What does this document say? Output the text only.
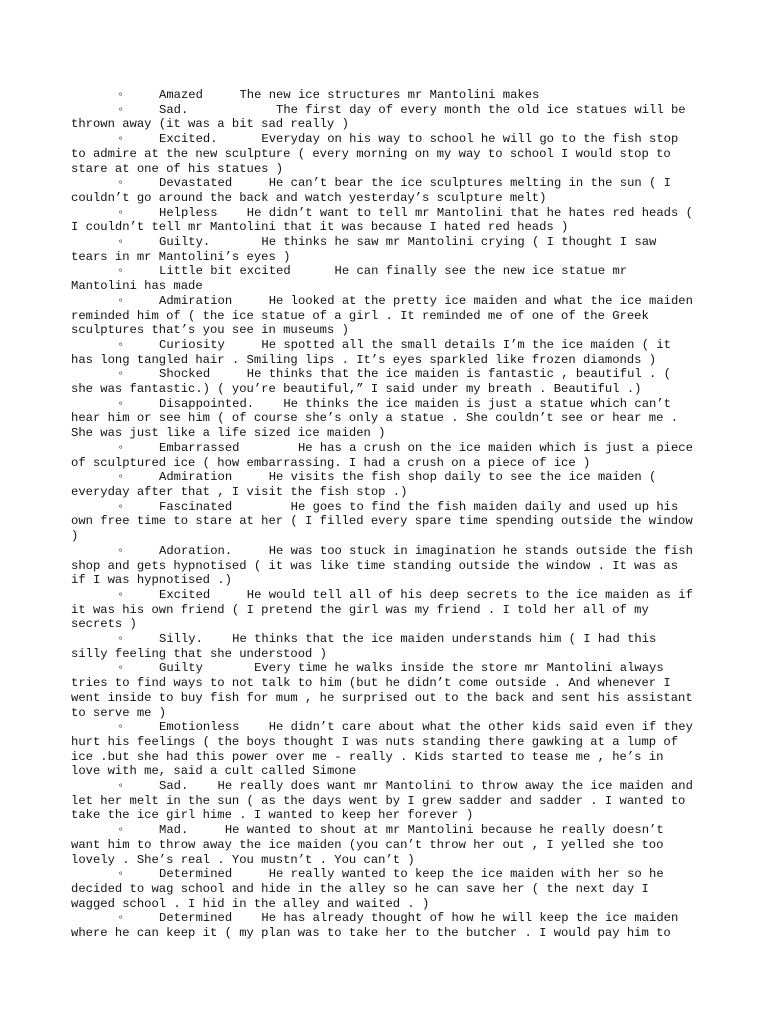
◦	Amazed	The new ice structures mr Mantolini makes

◦	Sad.	The first day of every month the old ice statues will be thrown away (it was a bit sad really )

◦	Excited.	Everyday on his way to school he will go to the fish stop to admire at the new sculpture ( every morning on my way to school I would stop to stare at one of his statues )

◦	Devastated	He can’t bear the ice sculptures melting in the sun ( I couldn’t go around the back and watch yesterday’s sculpture melt)

◦	Helpless He didn’t want to tell mr Mantolini that he hates red heads ( I couldn’t tell mr Mantolini that it was because I hated red heads )

◦	Guilty.	He thinks he saw mr Mantolini crying ( I thought I saw tears in mr Mantolini’s eyes )

◦	Little bit excited	He can finally see the new ice statue mr Mantolini has made

◦	Admiration	He looked at the pretty ice maiden and what the ice maiden reminded him of ( the ice statue of a girl . It reminded me of one of the Greek sculptures that’s you see in museums )

◦	Curiosity	He spotted all the small details I’m the ice maiden ( it has long tangled hair . Smiling lips . It’s eyes sparkled like frozen diamonds )

◦	Shocked	He thinks that the ice maiden is fantastic , beautiful . ( she was fantastic.) ( you’re beautiful,” I said under my breath . Beautiful .)

◦	Disappointed. He thinks the ice maiden is just a statue which can’t hear him or see him ( of course she’s only a statue . She couldn’t see or hear me . She was just like a life sized ice maiden )

◦	Embarrassed	He has a crush on the ice maiden which is just a piece of sculptured ice ( how embarrassing. I had a crush on a piece of ice )

◦	Admiration	He visits the fish shop daily to see the ice maiden ( everyday after that , I visit the fish stop .)

◦	Fascinated	He goes to find the fish maiden daily and used up his own free time to stare at her ( I filled every spare time spending outside the window )

◦	Adoration.	He was too stuck in imagination he stands outside the fish shop and gets hypnotised ( it was like time standing outside the window . It was as if I was hypnotised .)

◦	Excited	He would tell all of his deep secrets to the ice maiden as if it was his own friend ( I pretend the girl was my friend . I told her all of my secrets )

◦	Silly. He thinks that the ice maiden understands him ( I had this silly feeling that she understood )

◦	Guilty	Every time he walks inside the store mr Mantolini always tries to find ways to not talk to him (but he didn’t come outside . And whenever I went inside to buy fish for mum , he surprised out to the back and sent his assistant to serve me )

◦	Emotionless He didn’t care about what the other kids said even if they hurt his feelings ( the boys thought I was nuts standing there gawking at a lump of ice .but she had this power over me - really . Kids started to tease me , he’s in love with me, said a cult called Simone

◦	Sad. He really does want mr Mantolini to throw away the ice maiden and let her melt in the sun ( as the days went by I grew sadder and sadder . I wanted to take the ice girl hime . I wanted to keep her forever )

◦	Mad.	He wanted to shout at mr Mantolini because he really doesn’t want him to throw away the ice maiden (you can’t throw her out , I yelled she too lovely . She’s real . You mustn’t . You can’t )

◦	Determined	He really wanted to keep the ice maiden with her so he decided to wag school and hide in the alley so he can save her ( the next day I wagged school . I hid in the alley and waited . )

◦	Determined He has already thought of how he will keep the ice maiden where he can keep it ( my plan was to take her to the butcher . I would pay him to
